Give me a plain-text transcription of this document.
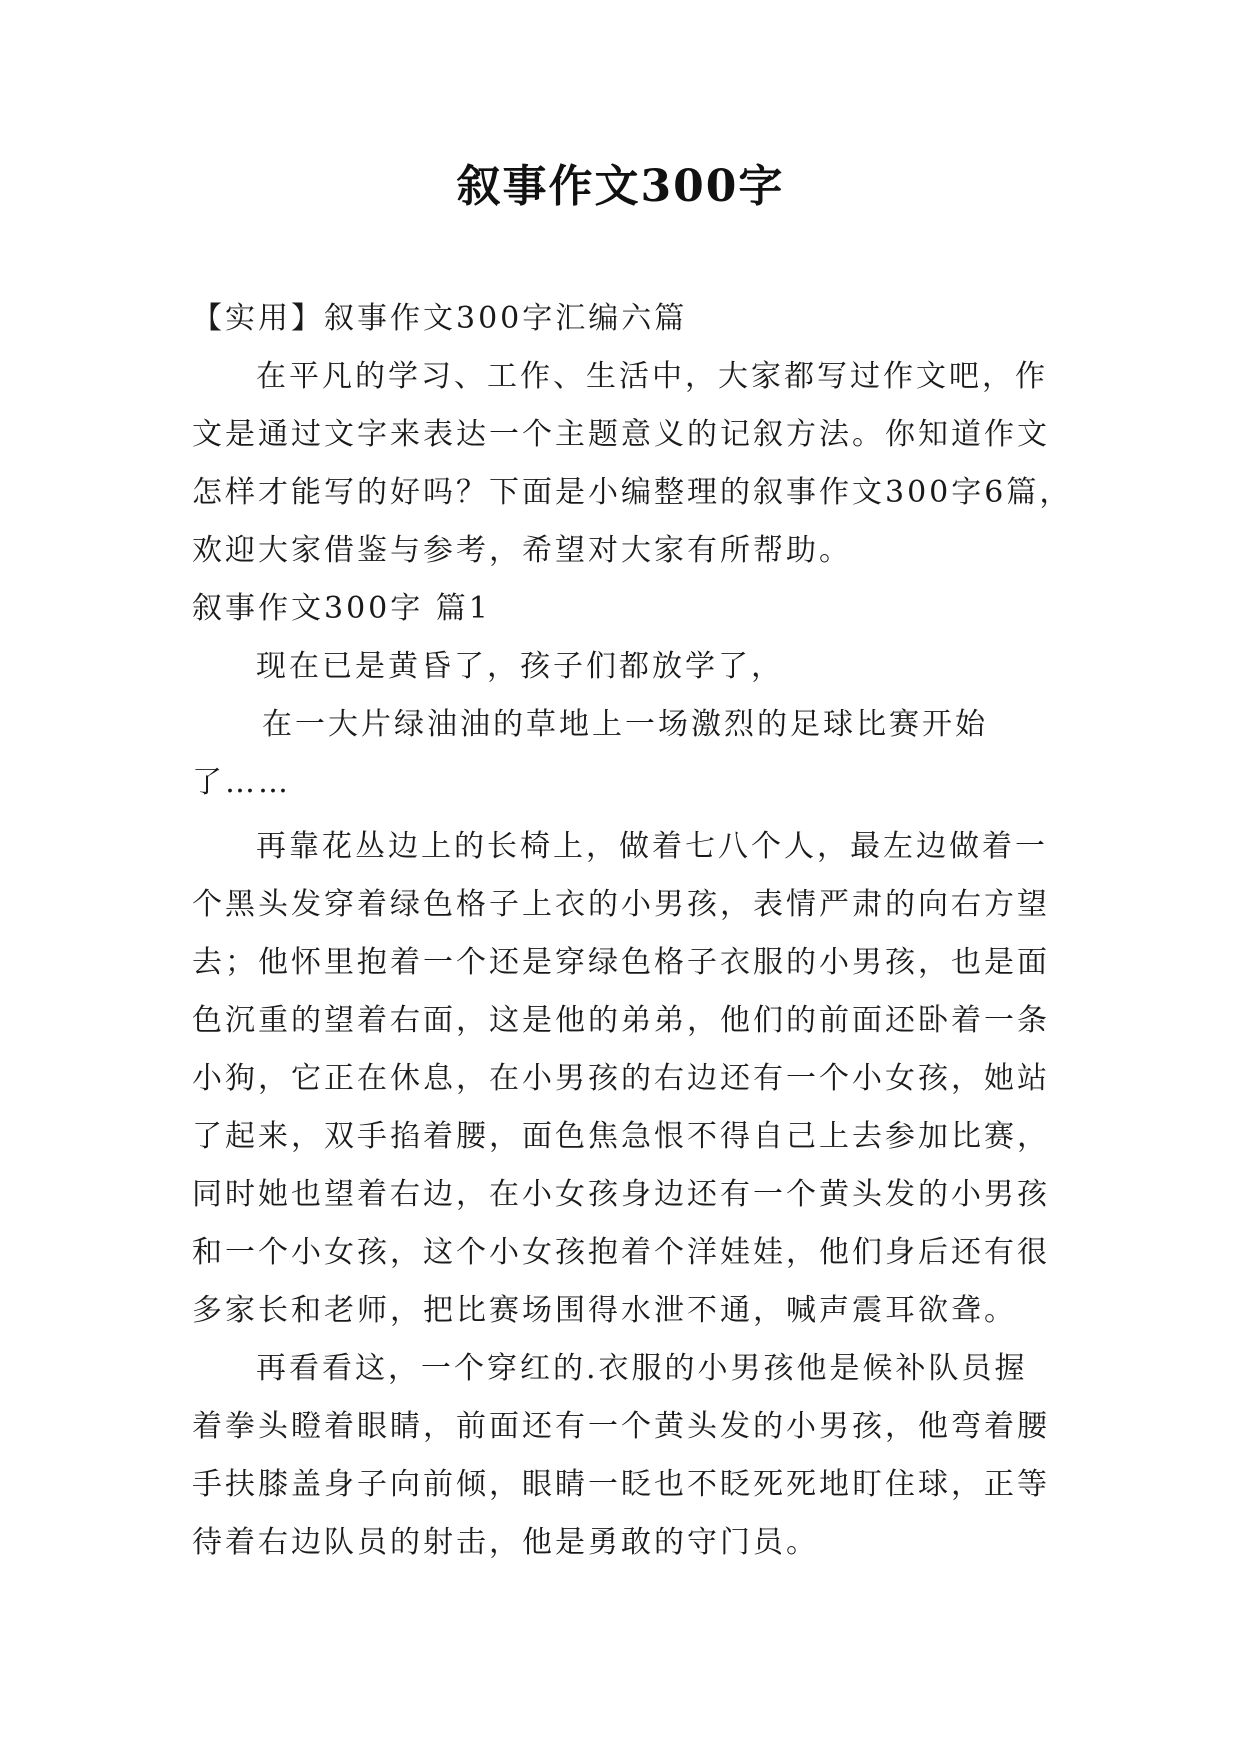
叙事作文300字
【实用】叙事作文300字汇编六篇
在平凡的学习、工作、生活中，大家都写过作文吧，作
文是通过文字来表达一个主题意义的记叙方法。你知道作文
怎样才能写的好吗？下面是小编整理的叙事作文300字6篇，
欢迎大家借鉴与参考，希望对大家有所帮助。
叙事作文300字 篇1
现在已是黄昏了，孩子们都放学了，
在一大片绿油油的草地上一场激烈的足球比赛开始
了……
再靠花丛边上的长椅上，做着七八个人，最左边做着一
个黑头发穿着绿色格子上衣的小男孩，表情严肃的向右方望
去；他怀里抱着一个还是穿绿色格子衣服的小男孩，也是面
色沉重的望着右面，这是他的弟弟，他们的前面还卧着一条
小狗，它正在休息，在小男孩的右边还有一个小女孩，她站
了起来，双手掐着腰，面色焦急恨不得自己上去参加比赛，
同时她也望着右边，在小女孩身边还有一个黄头发的小男孩
和一个小女孩，这个小女孩抱着个洋娃娃，他们身后还有很
多家长和老师，把比赛场围得水泄不通，喊声震耳欲聋。
再看看这，一个穿红的.衣服的小男孩他是候补队员握
着拳头瞪着眼睛，前面还有一个黄头发的小男孩，他弯着腰
手扶膝盖身子向前倾，眼睛一眨也不眨死死地盯住球，正等
待着右边队员的射击，他是勇敢的守门员。
